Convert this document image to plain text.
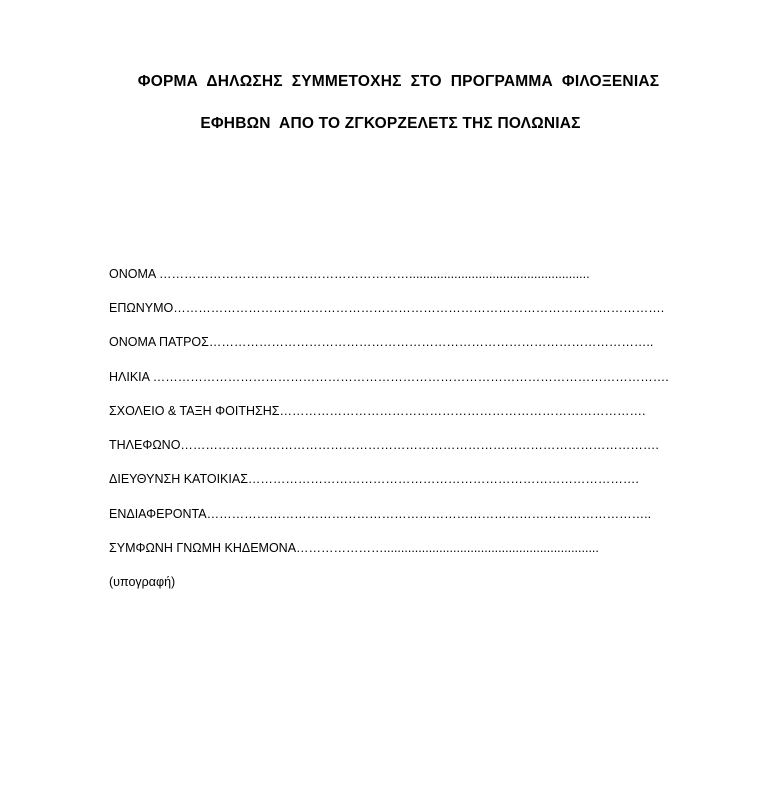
ΦΟΡΜΑ  ΔΗΛΩΣΗΣ  ΣΥΜΜΕΤΟΧΗΣ  ΣΤΟ  ΠΡΟΓΡΑΜΜΑ  ΦΙΛΟΞΕΝΙΑΣ
ΕΦΗΒΩΝ  ΑΠΟ ΤΟ ΖΓΚΟΡΖΕΛΕΤΣ ΤΗΣ ΠΟΛΩΝΙΑΣ
ΟΝΟΜΑ ……………………………………………………....................................................
ΕΠΩΝΥΜΟ……………………………………………………………………………………………………….
ΟΝΟΜΑ ΠΑΤΡΟΣ……………………………………………………………………………………………..
ΗΛΙΚΙΑ …………………………………………………………………………………………………………….
ΣΧΟΛΕΙΟ & ΤΑΞΗ ΦΟΙΤΗΣΗΣ…………………………………………………………………………….
ΤΗΛΕΦΩΝΟ…………………………………………………………………………………………………….
ΔΙΕΥΘΥΝΣΗ ΚΑΤΟΙΚΙΑΣ………………………………………………………………………………….
ΕΝΔΙΑΦΕΡΟΝΤΑ……………………………………………………………………………………………..
ΣΥΜΦΩΝΗ ΓΝΩΜΗ ΚΗΔΕΜΟΝΑ…………………..............................................................
(υπογραφή)
